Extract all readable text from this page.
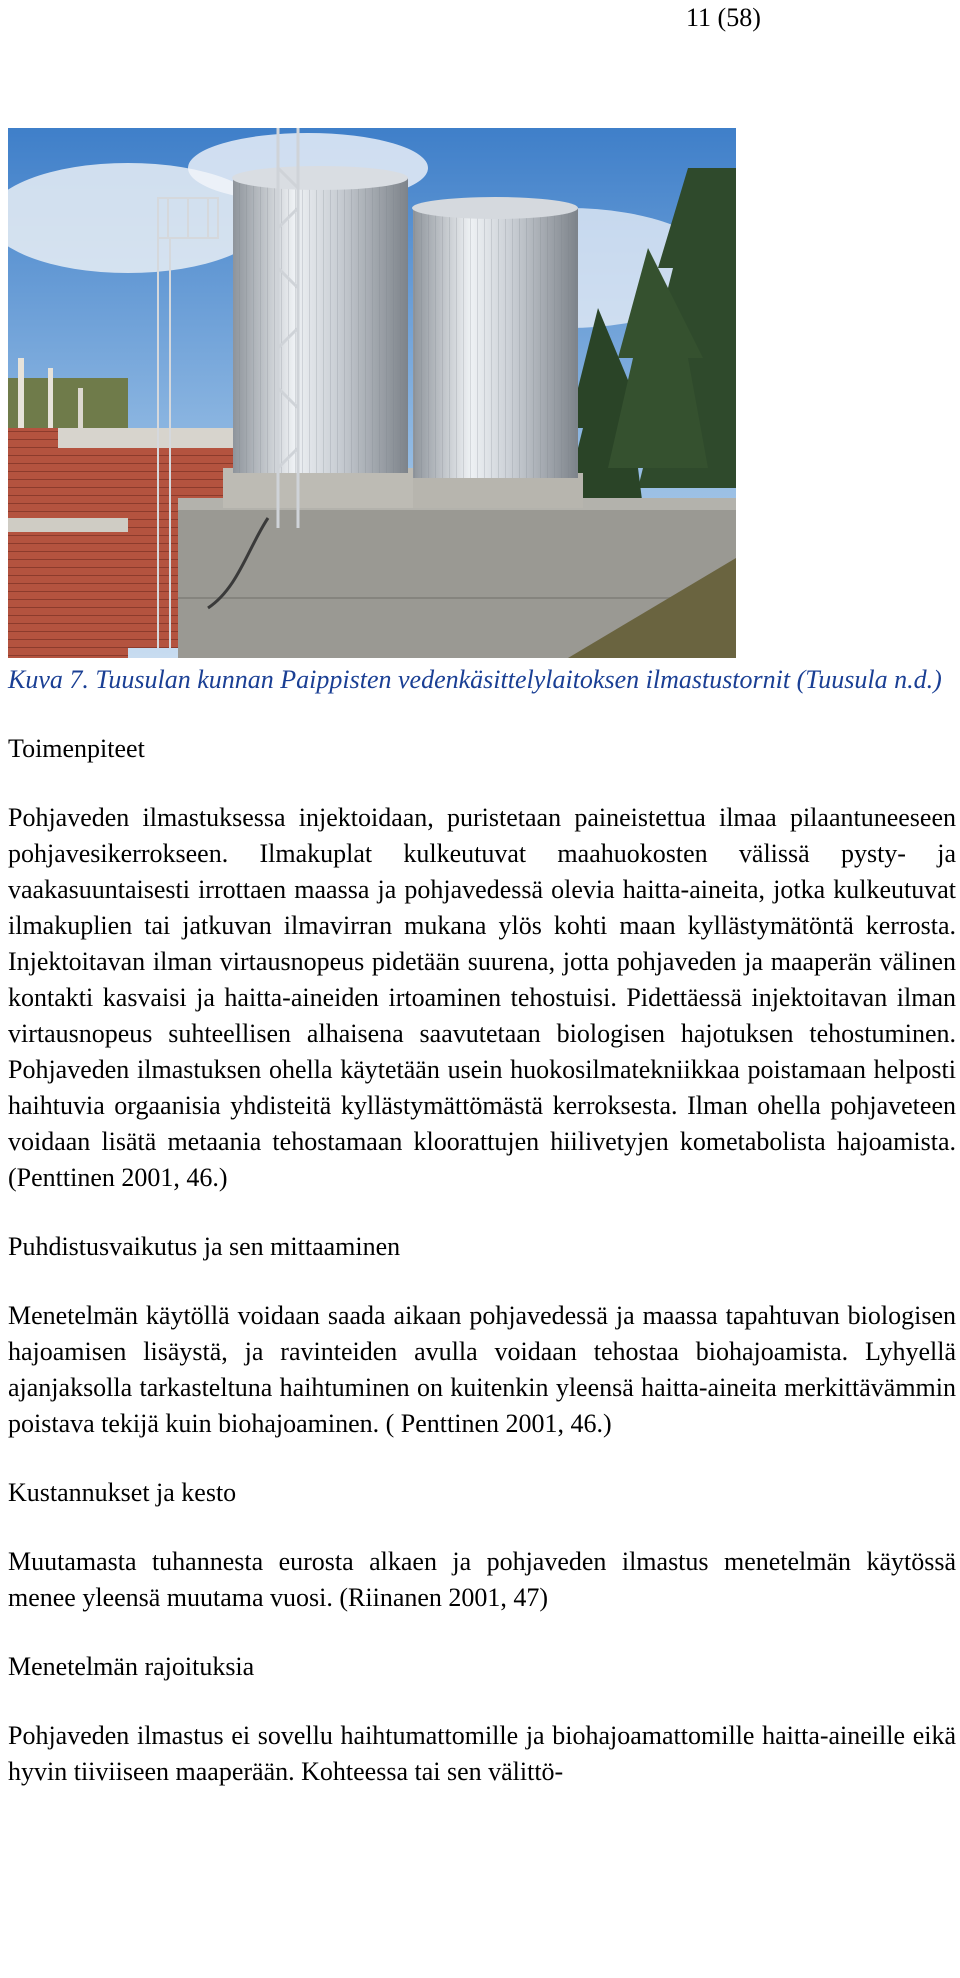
11 (58)

Kuva 7. Tuusulan kunnan Paippisten vedenkäsittelylaitoksen ilmastustornit (Tuusula n.d.)

Toimenpiteet

Pohjaveden ilmastuksessa injektoidaan, puristetaan paineistettua ilmaa pilaantuneeseen pohjavesikerrokseen. Ilmakuplat kulkeutuvat maahuokosten välissä pysty- ja vaakasuuntaisesti irrottaen maassa ja pohjavedessä olevia haitta-aineita, jotka kulkeutuvat ilmakuplien tai jatkuvan ilmavirran mukana ylös kohti maan kyllästymätöntä kerrosta. Injektoitavan ilman virtausnopeus pidetään suurena, jotta pohjaveden ja maaperän välinen kontakti kasvaisi ja haitta-aineiden irtoaminen tehostuisi. Pidettäessä injektoitavan ilman virtausnopeus suhteellisen alhaisena saavutetaan biologisen hajotuksen tehostuminen. Pohjaveden ilmastuksen ohella käytetään usein huokosilmatekniikkaa poistamaan helposti haihtuvia orgaanisia yhdisteitä kyllästymättömästä kerroksesta. Ilman ohella pohjaveteen voidaan lisätä metaania tehostamaan kloorattujen hiilivetyjen kometabolista hajoamista. (Penttinen 2001, 46.)

Puhdistusvaikutus ja sen mittaaminen

Menetelmän käytöllä voidaan saada aikaan pohjavedessä ja maassa tapahtuvan biologisen hajoamisen lisäystä, ja ravinteiden avulla voidaan tehostaa biohajoamista. Lyhyellä ajanjaksolla tarkasteltuna haihtuminen on kuitenkin yleensä haitta-aineita merkittävämmin poistava tekijä kuin biohajoaminen. ( Penttinen 2001, 46.)

Kustannukset ja kesto

Muutamasta tuhannesta eurosta alkaen ja pohjaveden ilmastus menetelmän käytössä menee yleensä muutama vuosi. (Riinanen 2001, 47)

Menetelmän rajoituksia

Pohjaveden ilmastus ei sovellu haihtumattomille ja biohajoamattomille haitta-aineille eikä hyvin tiiviiseen maaperään. Kohteessa tai sen välittö-
